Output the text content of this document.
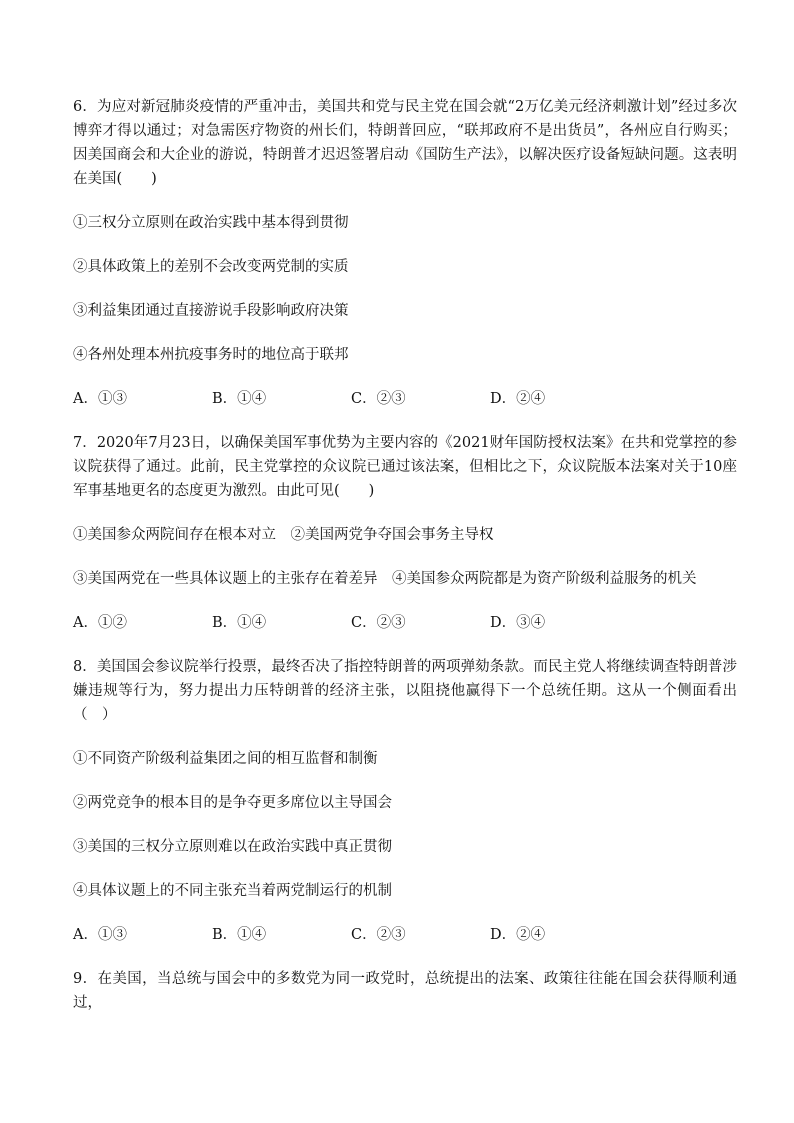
6．为应对新冠肺炎疫情的严重冲击，美国共和党与民主党在国会就“2万亿美元经济刺激计划”经过多次博弈才得以通过；对急需医疗物资的州长们，特朗普回应，“联邦政府不是出货员”，各州应自行购买；因美国商会和大企业的游说，特朗普才迟迟签署启动《国防生产法》，以解决医疗设备短缺问题。这表明在美国(　　)

①三权分立原则在政治实践中基本得到贯彻
②具体政策上的差别不会改变两党制的实质
③利益集团通过直接游说手段影响政府决策
④各州处理本州抗疫事务时的地位高于联邦
A．①③	B．①④	C．②③	D．②④

7．2020年7月23日，以确保美国军事优势为主要内容的《2021财年国防授权法案》在共和党掌控的参议院获得了通过。此前，民主党掌控的众议院已通过该法案，但相比之下，众议院版本法案对关于10座军事基地更名的态度更为激烈。由此可见(　　)

①美国参众两院间存在根本对立　②美国两党争夺国会事务主导权
③美国两党在一些具体议题上的主张存在着差异　④美国参众两院都是为资产阶级利益服务的机关
A．①②	B．①④	C．②③	D．③④

8．美国国会参议院举行投票，最终否决了指控特朗普的两项弹劾条款。而民主党人将继续调查特朗普涉嫌违规等行为，努力提出力压特朗普的经济主张，以阻挠他赢得下一个总统任期。这从一个侧面看出（　）

①不同资产阶级利益集团之间的相互监督和制衡
②两党竞争的根本目的是争夺更多席位以主导国会
③美国的三权分立原则难以在政治实践中真正贯彻
④具体议题上的不同主张充当着两党制运行的机制
A．①③	B．①④	C．②③	D．②④

9．在美国，当总统与国会中的多数党为同一政党时，总统提出的法案、政策往往能在国会获得顺利通过，
